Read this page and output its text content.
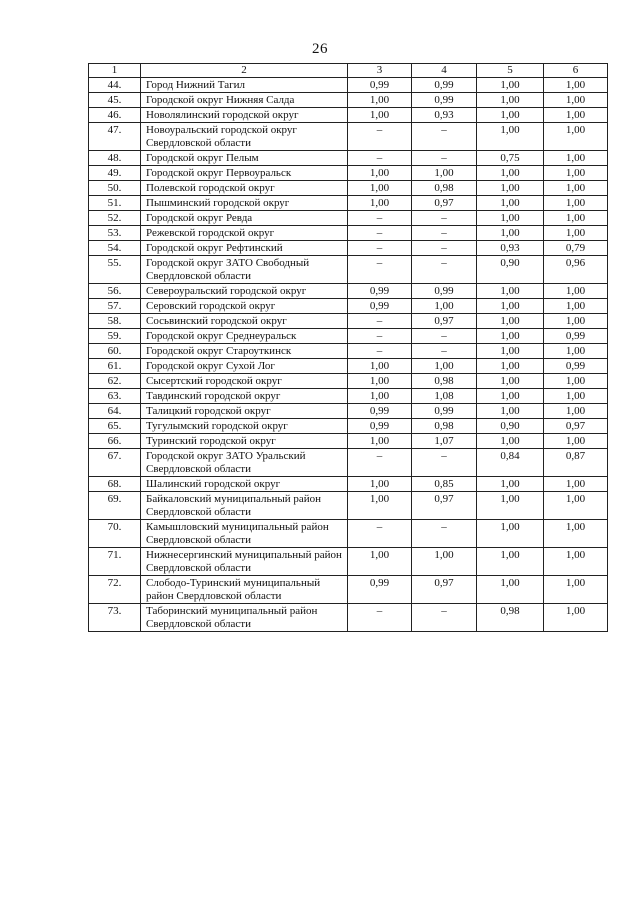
26
1	2	3	4	5	6
44.	Город Нижний Тагил	0,99	0,99	1,00	1,00
45.	Городской округ Нижняя Салда	1,00	0,99	1,00	1,00
46.	Новолялинский городской округ	1,00	0,93	1,00	1,00
47.	Новоуральский городской округ Свердловской области	–	–	1,00	1,00
48.	Городской округ Пелым	–	–	0,75	1,00
49.	Городской округ Первоуральск	1,00	1,00	1,00	1,00
50.	Полевской городской округ	1,00	0,98	1,00	1,00
51.	Пышминский городской округ	1,00	0,97	1,00	1,00
52.	Городской округ Ревда	–	–	1,00	1,00
53.	Режевской городской округ	–	–	1,00	1,00
54.	Городской округ Рефтинский	–	–	0,93	0,79
55.	Городской округ ЗАТО Свободный Свердловской области	–	–	0,90	0,96
56.	Североуральский городской округ	0,99	0,99	1,00	1,00
57.	Серовский городской округ	0,99	1,00	1,00	1,00
58.	Сосьвинский городской округ	–	0,97	1,00	1,00
59.	Городской округ Среднеуральск	–	–	1,00	0,99
60.	Городской округ Староуткинск	–	–	1,00	1,00
61.	Городской округ Сухой Лог	1,00	1,00	1,00	0,99
62.	Сысертский городской округ	1,00	0,98	1,00	1,00
63.	Тавдинский городской округ	1,00	1,08	1,00	1,00
64.	Талицкий городской округ	0,99	0,99	1,00	1,00
65.	Тугулымский городской округ	0,99	0,98	0,90	0,97
66.	Туринский городской округ	1,00	1,07	1,00	1,00
67.	Городской округ ЗАТО Уральский Свердловской области	–	–	0,84	0,87
68.	Шалинский городской округ	1,00	0,85	1,00	1,00
69.	Байкаловский муниципальный район Свердловской области	1,00	0,97	1,00	1,00
70.	Камышловский муниципальный район Свердловской области	–	–	1,00	1,00
71.	Нижнесергинский муниципальный район Свердловской области	1,00	1,00	1,00	1,00
72.	Слободо-Туринский муниципальный район Свердловской области	0,99	0,97	1,00	1,00
73.	Таборинский муниципальный район Свердловской области	–	–	0,98	1,00
